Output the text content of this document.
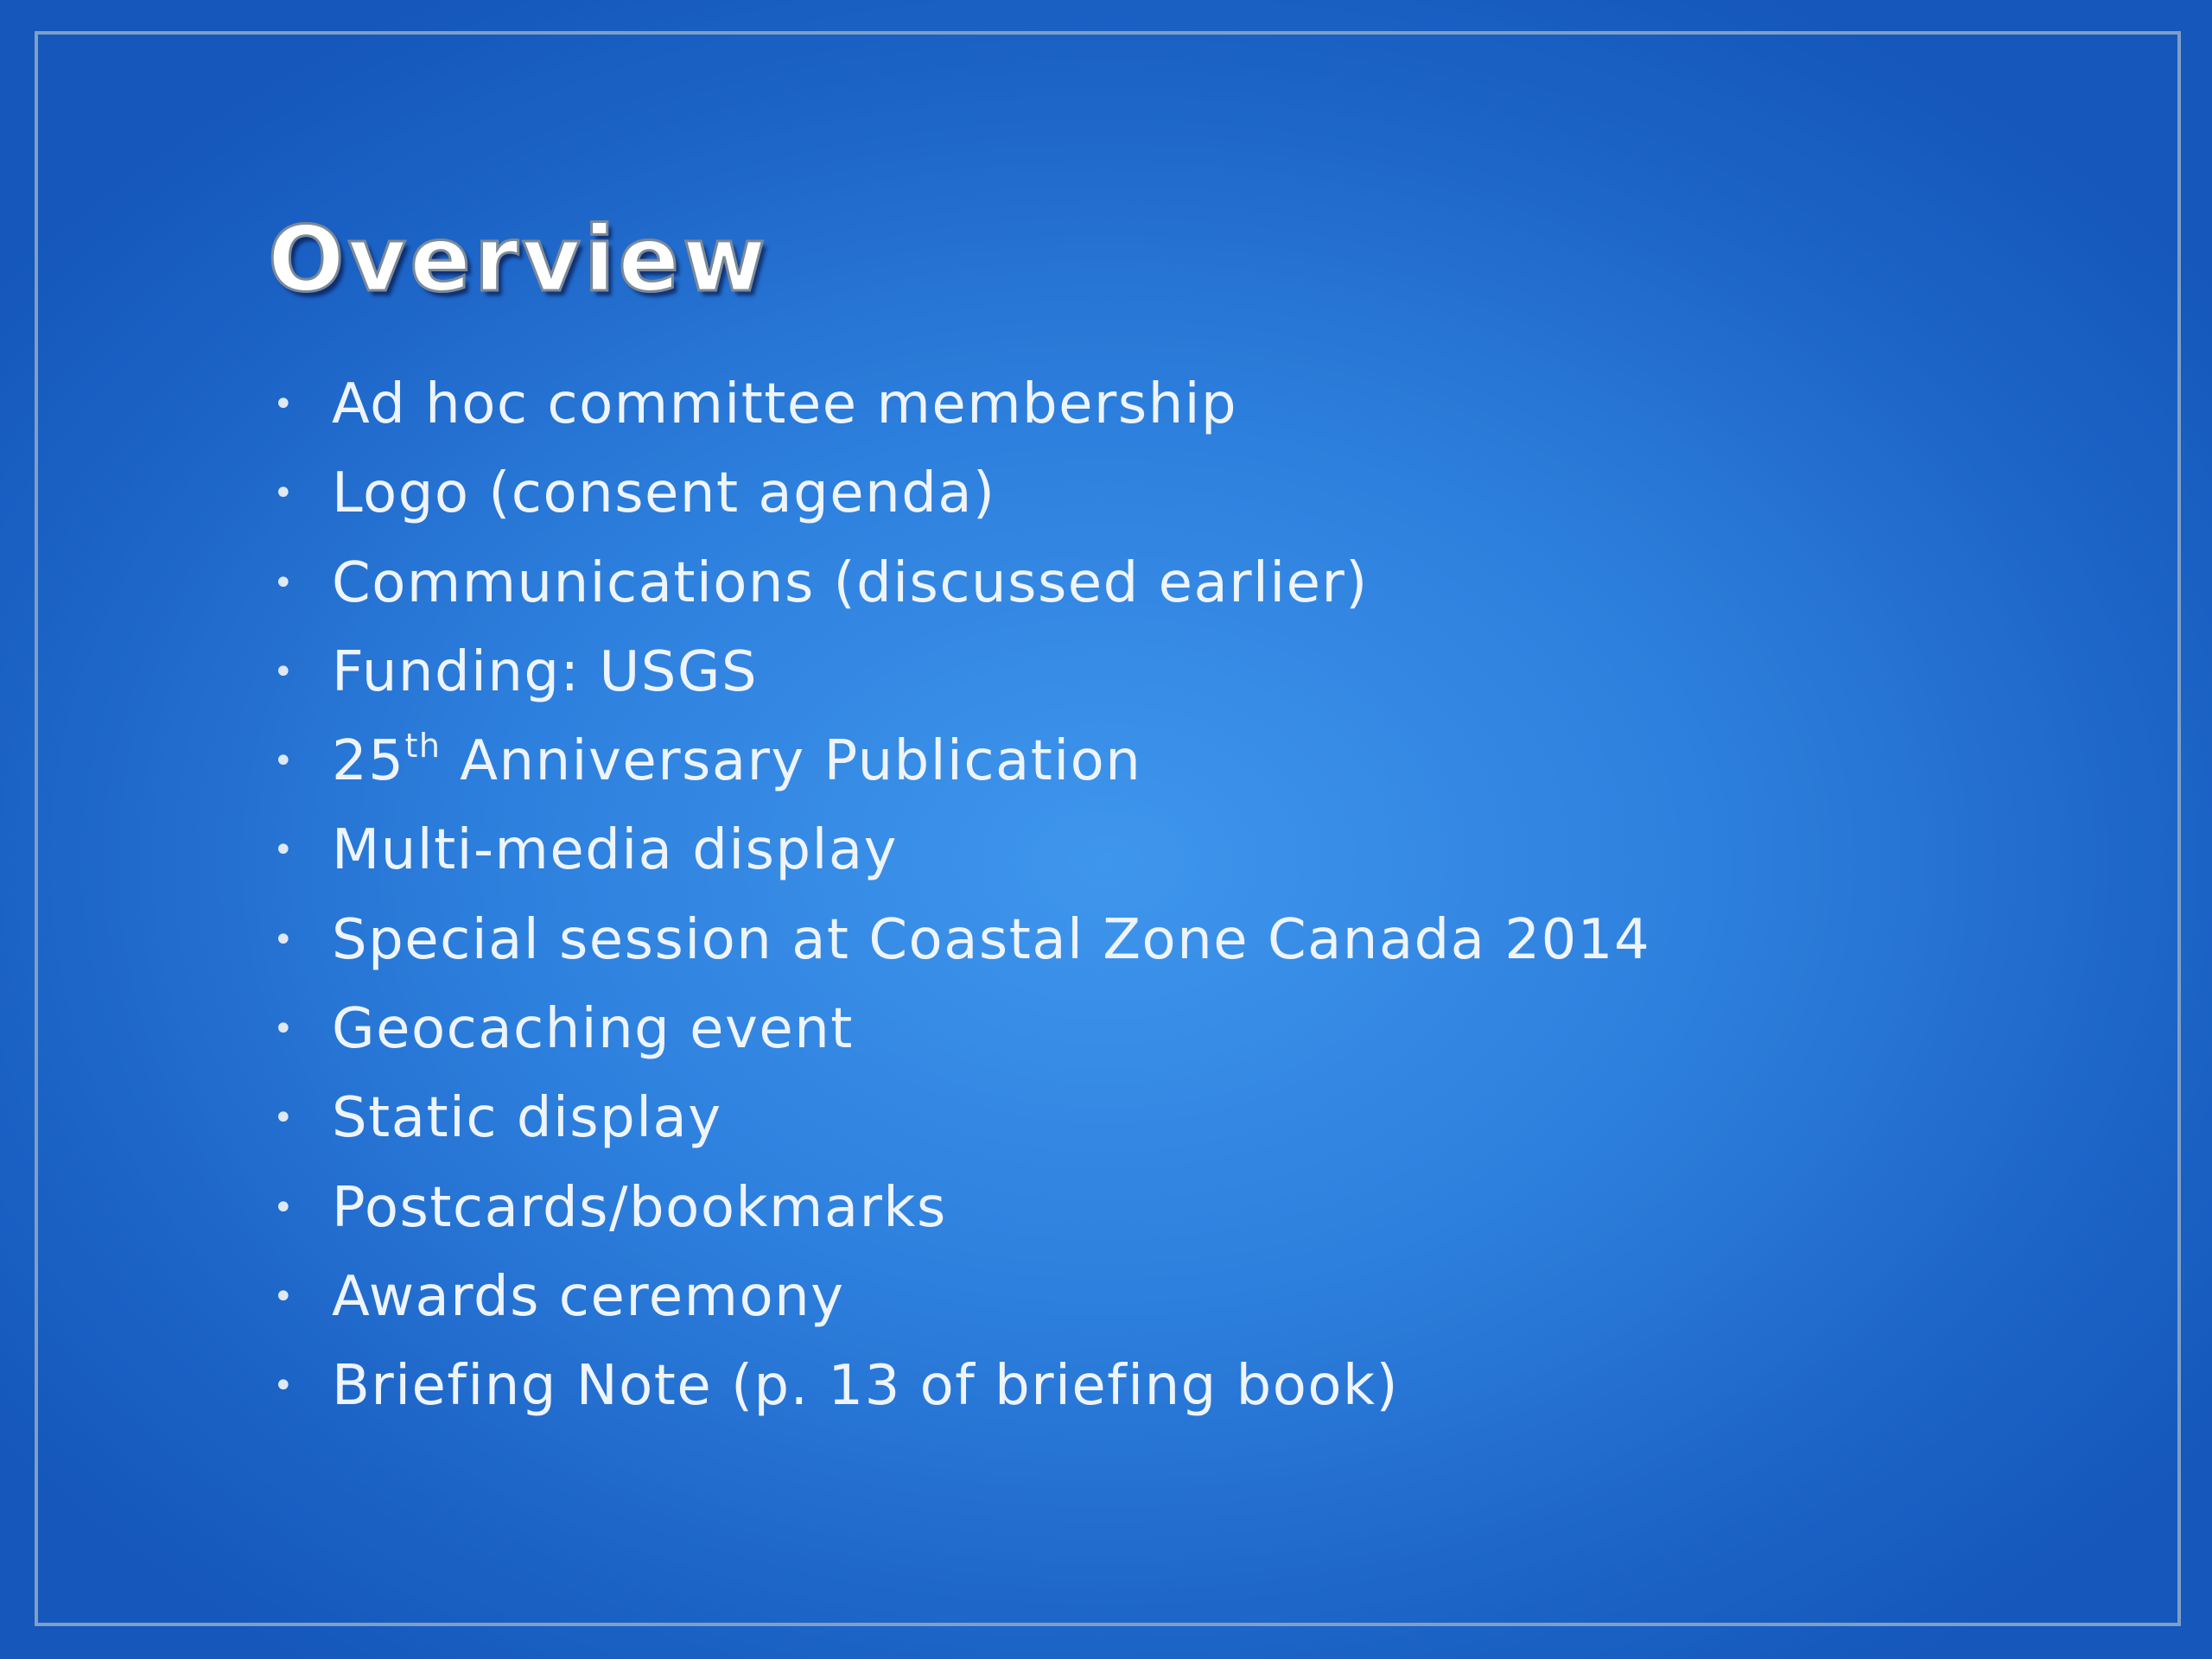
Overview
• Ad hoc committee membership
• Logo (consent agenda)
• Communications (discussed earlier)
• Funding: USGS
• 25th Anniversary Publication
• Multi-media display
• Special session at Coastal Zone Canada 2014
• Geocaching event
• Static display
• Postcards/bookmarks
• Awards ceremony
• Briefing Note (p. 13 of briefing book)
